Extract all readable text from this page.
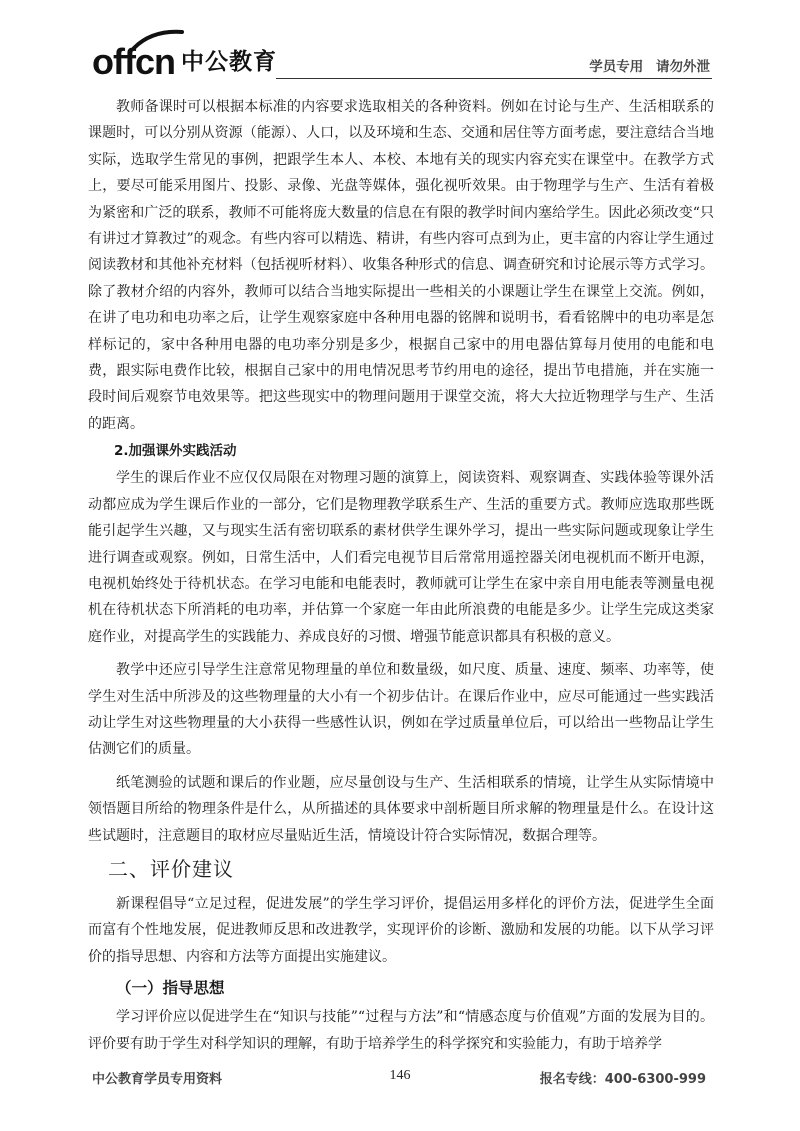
offcn 中公教育	学员专用 请勿外泄

教师备课时可以根据本标准的内容要求选取相关的各种资料。例如在讨论与生产、生活相联系的课题时，可以分别从资源（能源）、人口，以及环境和生态、交通和居住等方面考虑，要注意结合当地实际，选取学生常见的事例，把跟学生本人、本校、本地有关的现实内容充实在课堂中。在教学方式上，要尽可能采用图片、投影、录像、光盘等媒体，强化视听效果。由于物理学与生产、生活有着极为紧密和广泛的联系，教师不可能将庞大数量的信息在有限的教学时间内塞给学生。因此必须改变“只有讲过才算教过”的观念。有些内容可以精选、精讲，有些内容可点到为止，更丰富的内容让学生通过阅读教材和其他补充材料（包括视听材料）、收集各种形式的信息、调查研究和讨论展示等方式学习。除了教材介绍的内容外，教师可以结合当地实际提出一些相关的小课题让学生在课堂上交流。例如，在讲了电功和电功率之后，让学生观察家庭中各种用电器的铭牌和说明书，看看铭牌中的电功率是怎样标记的，家中各种用电器的电功率分别是多少，根据自己家中的用电器估算每月使用的电能和电费，跟实际电费作比较，根据自己家中的用电情况思考节约用电的途径，提出节电措施，并在实施一段时间后观察节电效果等。把这些现实中的物理问题用于课堂交流，将大大拉近物理学与生产、生活的距离。

2.加强课外实践活动

学生的课后作业不应仅仅局限在对物理习题的演算上，阅读资料、观察调查、实践体验等课外活动都应成为学生课后作业的一部分，它们是物理教学联系生产、生活的重要方式。教师应选取那些既能引起学生兴趣，又与现实生活有密切联系的素材供学生课外学习，提出一些实际问题或现象让学生进行调查或观察。例如，日常生活中，人们看完电视节目后常常用遥控器关闭电视机而不断开电源，电视机始终处于待机状态。在学习电能和电能表时，教师就可让学生在家中亲自用电能表等测量电视机在待机状态下所消耗的电功率，并估算一个家庭一年由此所浪费的电能是多少。让学生完成这类家庭作业，对提高学生的实践能力、养成良好的习惯、增强节能意识都具有积极的意义。

教学中还应引导学生注意常见物理量的单位和数量级，如尺度、质量、速度、频率、功率等，使学生对生活中所涉及的这些物理量的大小有一个初步估计。在课后作业中，应尽可能通过一些实践活动让学生对这些物理量的大小获得一些感性认识，例如在学过质量单位后，可以给出一些物品让学生估测它们的质量。

纸笔测验的试题和课后的作业题，应尽量创设与生产、生活相联系的情境，让学生从实际情境中领悟题目所给的物理条件是什么，从所描述的具体要求中剖析题目所求解的物理量是什么。在设计这些试题时，注意题目的取材应尽量贴近生活，情境设计符合实际情况，数据合理等。

二、评价建议

新课程倡导“立足过程，促进发展”的学生学习评价，提倡运用多样化的评价方法，促进学生全面而富有个性地发展，促进教师反思和改进教学，实现评价的诊断、激励和发展的功能。以下从学习评价的指导思想、内容和方法等方面提出实施建议。

（一）指导思想

学习评价应以促进学生在“知识与技能”“过程与方法”和“情感态度与价值观”方面的发展为目的。评价要有助于学生对科学知识的理解，有助于培养学生的科学探究和实验能力，有助于培养学

中公教育学员专用资料	146	报名专线：400-6300-999
